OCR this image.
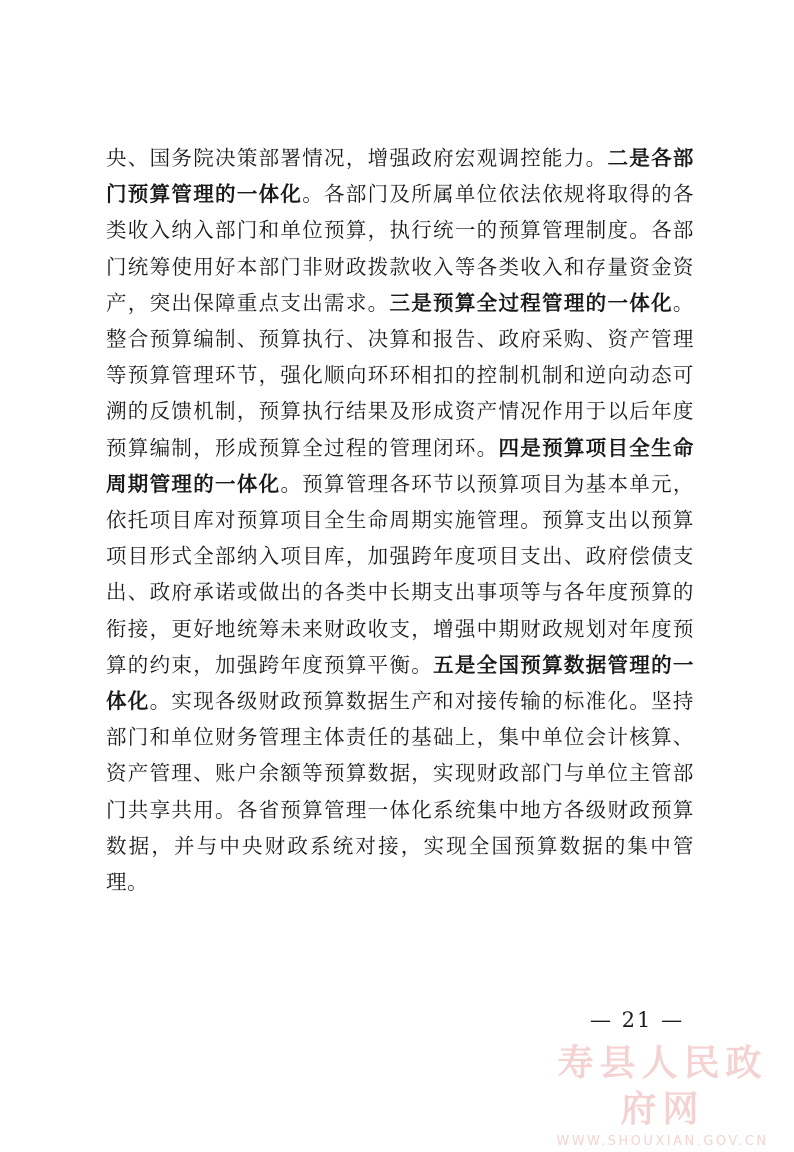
央、国务院决策部署情况，增强政府宏观调控能力。二是各部门预算管理的一体化。各部门及所属单位依法依规将取得的各类收入纳入部门和单位预算，执行统一的预算管理制度。各部门统筹使用好本部门非财政拨款收入等各类收入和存量资金资产，突出保障重点支出需求。三是预算全过程管理的一体化。整合预算编制、预算执行、决算和报告、政府采购、资产管理等预算管理环节，强化顺向环环相扣的控制机制和逆向动态可溯的反馈机制，预算执行结果及形成资产情况作用于以后年度预算编制，形成预算全过程的管理闭环。四是预算项目全生命周期管理的一体化。预算管理各环节以预算项目为基本单元，依托项目库对预算项目全生命周期实施管理。预算支出以预算项目形式全部纳入项目库，加强跨年度项目支出、政府偿债支出、政府承诺或做出的各类中长期支出事项等与各年度预算的衔接，更好地统筹未来财政收支，增强中期财政规划对年度预算的约束，加强跨年度预算平衡。五是全国预算数据管理的一体化。实现各级财政预算数据生产和对接传输的标准化。坚持部门和单位财务管理主体责任的基础上，集中单位会计核算、资产管理、账户余额等预算数据，实现财政部门与单位主管部门共享共用。各省预算管理一体化系统集中地方各级财政预算数据，并与中央财政系统对接，实现全国预算数据的集中管理。
— 21 —
寿县人民政府网
WWW.SHOUXIAN.GOV.CN
